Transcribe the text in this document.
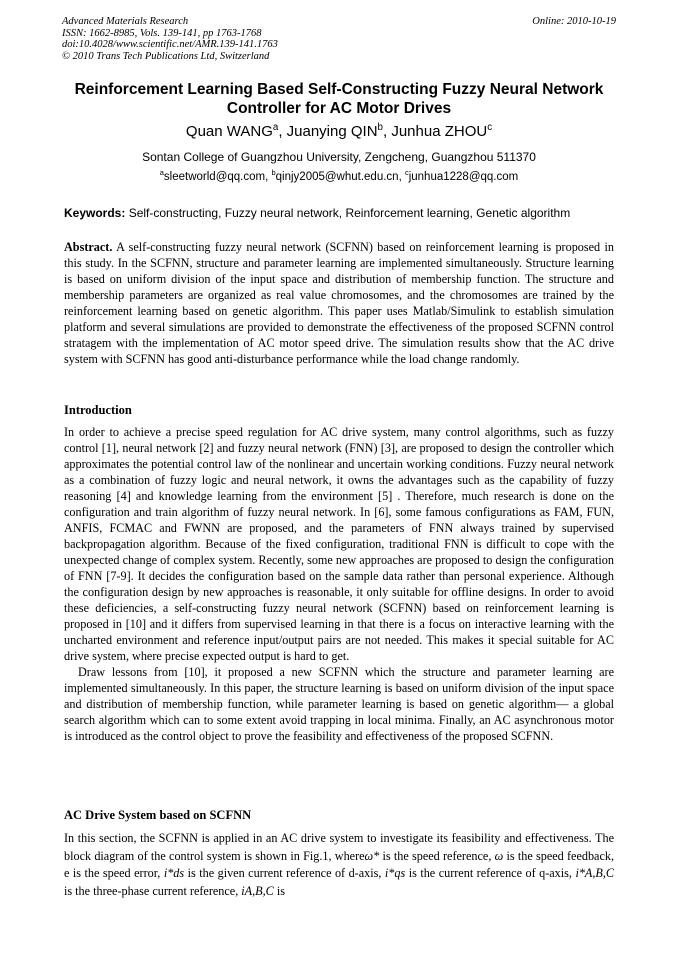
Advanced Materials Research
ISSN: 1662-8985, Vols. 139-141, pp 1763-1768
doi:10.4028/www.scientific.net/AMR.139-141.1763
© 2010 Trans Tech Publications Ltd, Switzerland
Online: 2010-10-19
Reinforcement Learning Based Self-Constructing Fuzzy Neural Network Controller for AC Motor Drives
Quan WANG$^a$, Juanying QIN$^b$, Junhua ZHOU$^c$
Sontan College of Guangzhou University, Zengcheng, Guangzhou 511370
$^a$sleetworld@qq.com, $^b$qinjy2005@whut.edu.cn, $^c$junhua1228@qq.com
Keywords: Self-constructing, Fuzzy neural network, Reinforcement learning, Genetic algorithm

Abstract. A self-constructing fuzzy neural network (SCFNN) based on reinforcement learning is proposed in this study. In the SCFNN, structure and parameter learning are implemented simultaneously. Structure learning is based on uniform division of the input space and distribution of membership function. The structure and membership parameters are organized as real value chromosomes, and the chromosomes are trained by the reinforcement learning based on genetic algorithm. This paper uses Matlab/Simulink to establish simulation platform and several simulations are provided to demonstrate the effectiveness of the proposed SCFNN control stratagem with the implementation of AC motor speed drive. The simulation results show that the AC drive system with SCFNN has good anti-disturbance performance while the load change randomly.

Introduction

In order to achieve a precise speed regulation for AC drive system, many control algorithms, such as fuzzy control [1], neural network [2] and fuzzy neural network (FNN) [3], are proposed to design the controller which approximates the potential control law of the nonlinear and uncertain working conditions. Fuzzy neural network as a combination of fuzzy logic and neural network, it owns the advantages such as the capability of fuzzy reasoning [4] and knowledge learning from the environment [5] . Therefore, much research is done on the configuration and train algorithm of fuzzy neural network. In [6], some famous configurations as FAM, FUN, ANFIS, FCMAC and FWNN are proposed, and the parameters of FNN always trained by supervised backpropagation algorithm. Because of the fixed configuration, traditional FNN is difficult to cope with the unexpected change of complex system. Recently, some new approaches are proposed to design the configuration of FNN [7-9]. It decides the configuration based on the sample data rather than personal experience. Although the configuration design by new approaches is reasonable, it only suitable for offline designs. In order to avoid these deficiencies, a self-constructing fuzzy neural network (SCFNN) based on reinforcement learning is proposed in [10] and it differs from supervised learning in that there is a focus on interactive learning with the uncharted environment and reference input/output pairs are not needed. This makes it special suitable for AC drive system, where precise expected output is hard to get.

Draw lessons from [10], it proposed a new SCFNN which the structure and parameter learning are implemented simultaneously. In this paper, the structure learning is based on uniform division of the input space and distribution of membership function, while parameter learning is based on genetic algorithm— a global search algorithm which can to some extent avoid trapping in local minima. Finally, an AC asynchronous motor is introduced as the control object to prove the feasibility and effectiveness of the proposed SCFNN.

AC Drive System based on SCFNN

In this section, the SCFNN is applied in an AC drive system to investigate its feasibility and effectiveness. The block diagram of the control system is shown in Fig.1, whereω* is the speed reference, ω is the speed feedback, e is the speed error, i*ds is the given current reference of d-axis, i*qs is the current reference of q-axis, i*A,B,C is the three-phase current reference, iA,B,C is
